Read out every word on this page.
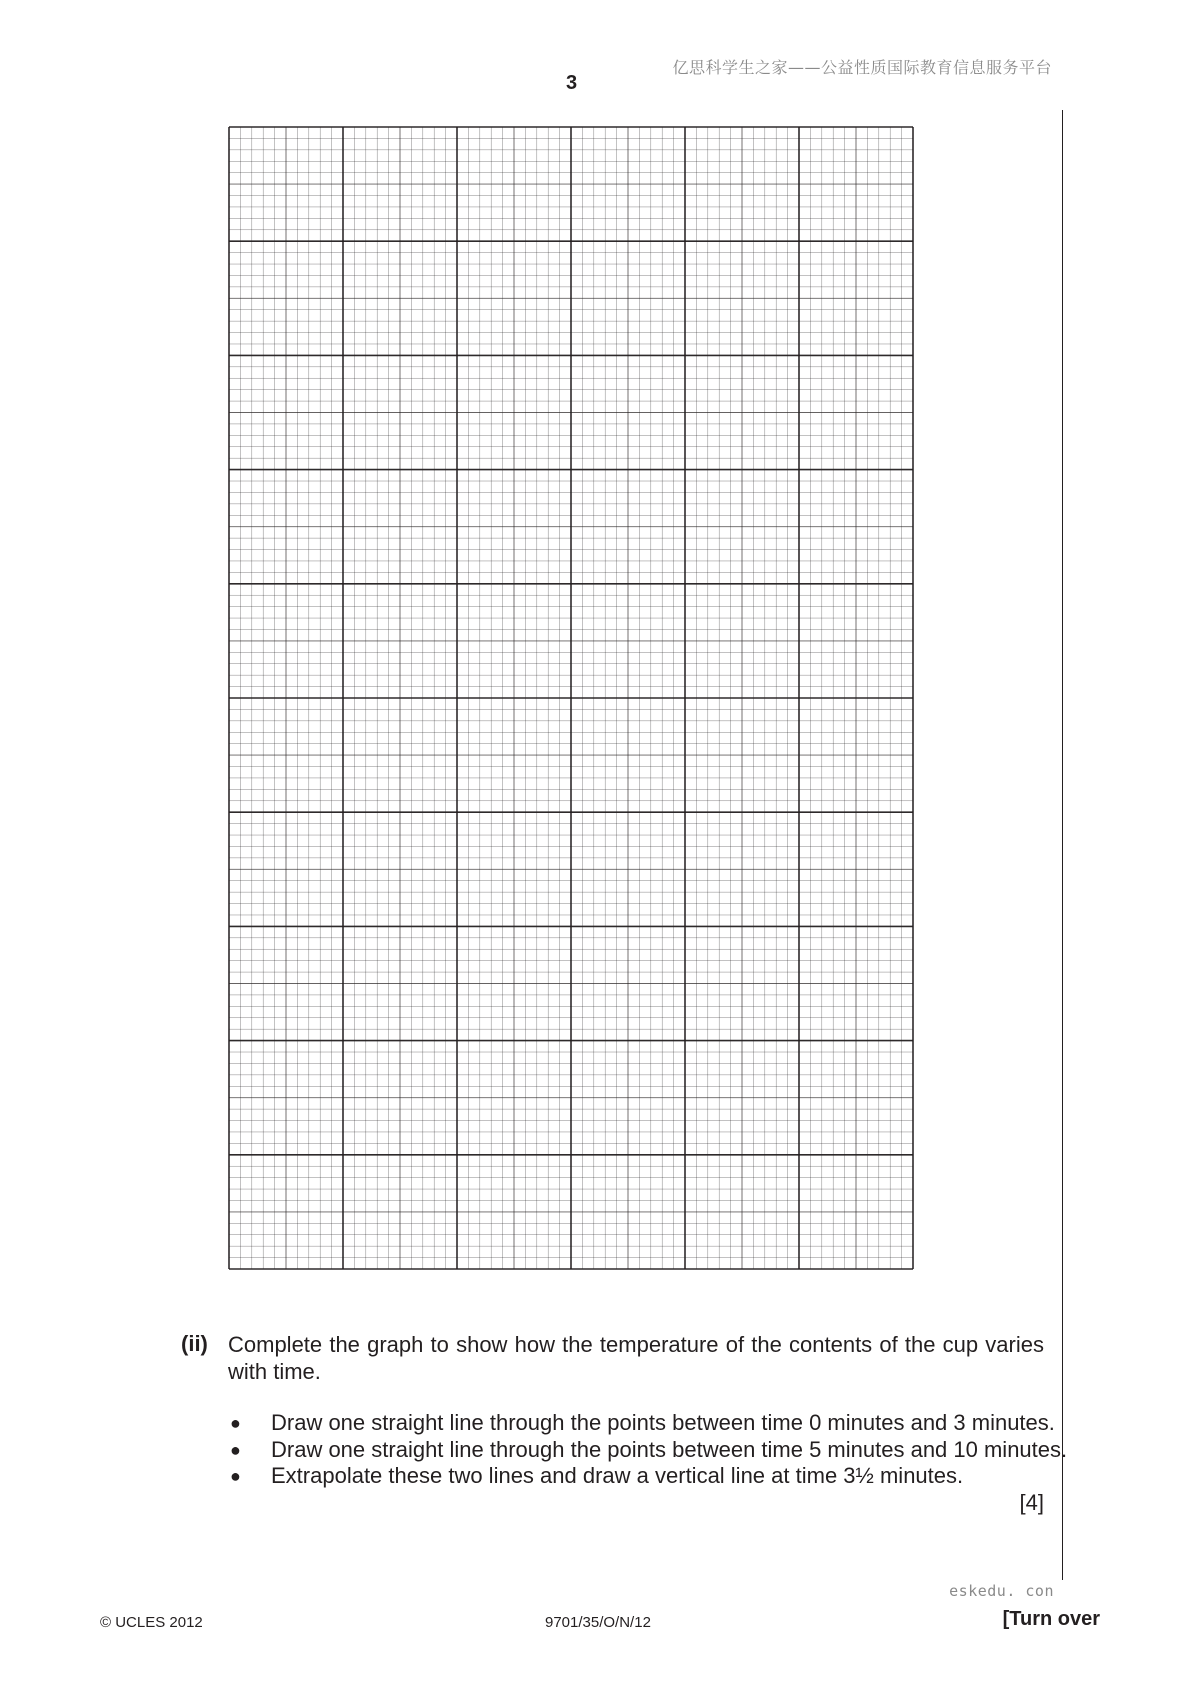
亿思科学生之家——公益性质国际教育信息服务平台
3
(ii) Complete the graph to show how the temperature of the contents of the cup varies with time.
● Draw one straight line through the points between time 0 minutes and 3 minutes.
● Draw one straight line through the points between time 5 minutes and 10 minutes.
● Extrapolate these two lines and draw a vertical line at time 3½ minutes.
[4]
eskedu. con
© UCLES 2012	9701/35/O/N/12	[Turn over
